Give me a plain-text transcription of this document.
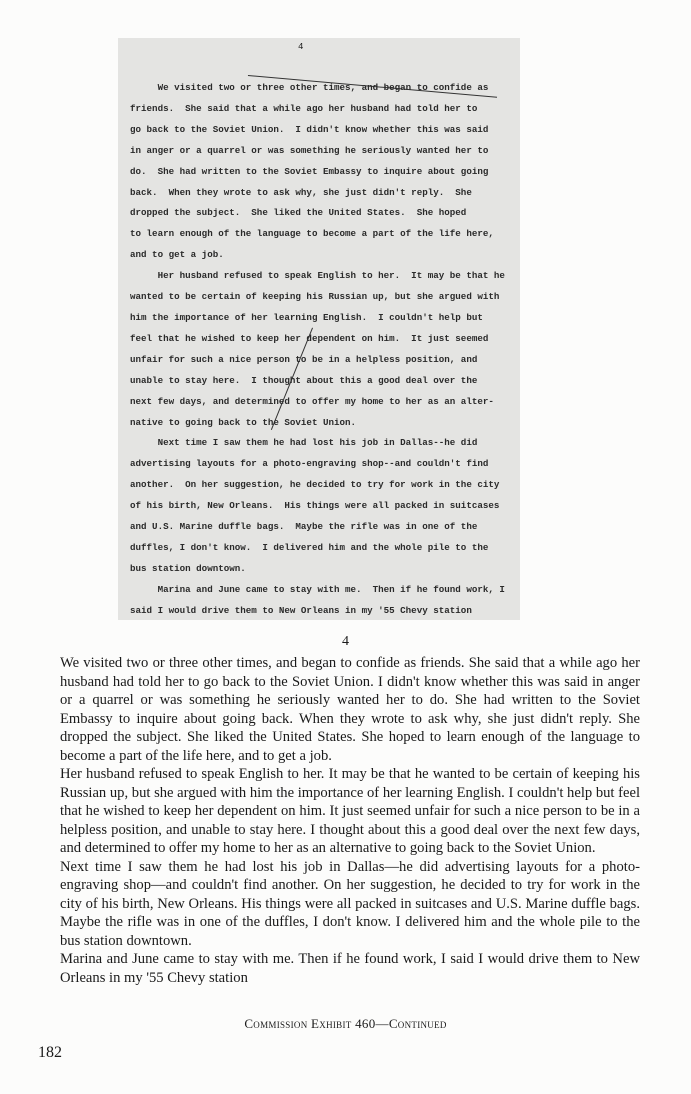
4
We visited two or three other times, and began to confide as
friends.  She said that a while ago her husband had told her to
go back to the Soviet Union.  I didn't know whether this was said
in anger or a quarrel or was something he seriously wanted her to
do.  She had written to the Soviet Embassy to inquire about going
back.  When they wrote to ask why, she just didn't reply.  She
dropped the subject.  She liked the United States.  She hoped
to learn enough of the language to become a part of the life here,
and to get a job.
Her husband refused to speak English to her.  It may be that he
wanted to be certain of keeping his Russian up, but she argued with
him the importance of her learning English.  I couldn't help but
feel that he wished to keep her dependent on him.  It just seemed
unfair for such a nice person to be in a helpless position, and
unable to stay here.  I thought about this a good deal over the
next few days, and determined to offer my home to her as an alter-
native to going back to the Soviet Union.
Next time I saw them he had lost his job in Dallas--he did
advertising layouts for a photo-engraving shop--and couldn't find
another.  On her suggestion, he decided to try for work in the city
of his birth, New Orleans.  His things were all packed in suitcases
and U.S. Marine duffle bags.  Maybe the rifle was in one of the
duffles, I don't know.  I delivered him and the whole pile to the
bus station downtown.
Marina and June came to stay with me.  Then if he found work, I
said I would drive them to New Orleans in my '55 Chevy station
4

We visited two or three other times, and began to confide as friends. She said that a while ago her husband had told her to go back to the Soviet Union. I didn't know whether this was said in anger or a quarrel or was something he seriously wanted her to do. She had written to the Soviet Embassy to inquire about going back. When they wrote to ask why, she just didn't reply. She dropped the subject. She liked the United States. She hoped to learn enough of the language to become a part of the life here, and to get a job.

Her husband refused to speak English to her. It may be that he wanted to be certain of keeping his Russian up, but she argued with him the importance of her learning English. I couldn't help but feel that he wished to keep her dependent on him. It just seemed unfair for such a nice person to be in a helpless position, and unable to stay here. I thought about this a good deal over the next few days, and determined to offer my home to her as an alternative to going back to the Soviet Union.

Next time I saw them he had lost his job in Dallas—he did advertising layouts for a photo-engraving shop—and couldn't find another. On her suggestion, he decided to try for work in the city of his birth, New Orleans. His things were all packed in suitcases and U.S. Marine duffle bags. Maybe the rifle was in one of the duffles, I don't know. I delivered him and the whole pile to the bus station downtown.

Marina and June came to stay with me. Then if he found work, I said I would drive them to New Orleans in my '55 Chevy station

Commission Exhibit 460—Continued
182
